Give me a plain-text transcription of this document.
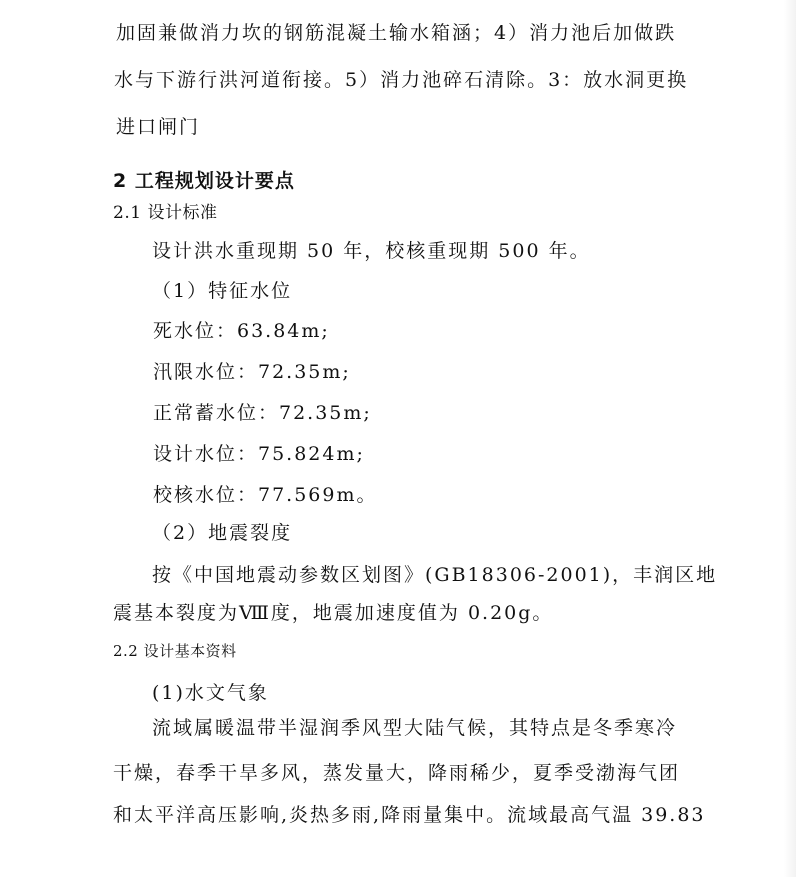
加固兼做消力坎的钢筋混凝土输水箱涵；4）消力池后加做跌
水与下游行洪河道衔接。5）消力池碎石清除。3：放水洞更换
进口闸门
2 工程规划设计要点
2.1 设计标准
设计洪水重现期 50 年，校核重现期 500 年。
（1）特征水位
死水位：63.84m;
汛限水位：72.35m;
正常蓄水位：72.35m;
设计水位：75.824m;
校核水位：77.569m。
（2）地震裂度
按《中国地震动参数区划图》(GB18306-2001)，丰润区地
震基本裂度为Ⅷ度，地震加速度值为 0.20g。
2.2 设计基本资料
(1)水文气象
流域属暖温带半湿润季风型大陆气候，其特点是冬季寒冷
干燥，春季干旱多风，蒸发量大，降雨稀少，夏季受渤海气团
和太平洋高压影响,炎热多雨,降雨量集中。流域最高气温 39.83
